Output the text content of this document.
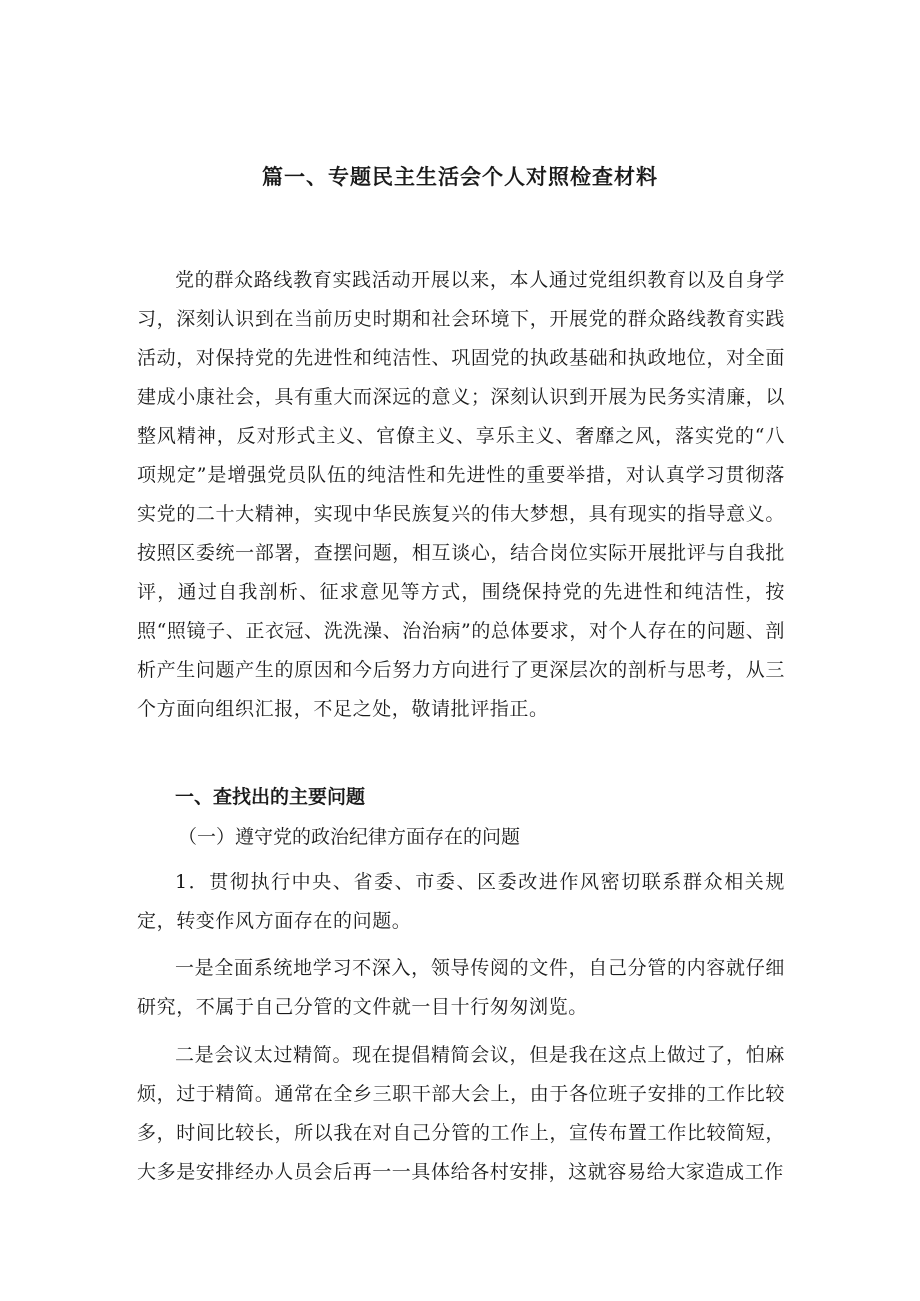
篇一、专题民主生活会个人对照检查材料

党的群众路线教育实践活动开展以来，本人通过党组织教育以及自身学习，深刻认识到在当前历史时期和社会环境下，开展党的群众路线教育实践活动，对保持党的先进性和纯洁性、巩固党的执政基础和执政地位，对全面建成小康社会，具有重大而深远的意义；深刻认识到开展为民务实清廉，以整风精神，反对形式主义、官僚主义、享乐主义、奢靡之风，落实党的“八项规定”是增强党员队伍的纯洁性和先进性的重要举措，对认真学习贯彻落实党的二十大精神，实现中华民族复兴的伟大梦想，具有现实的指导意义。按照区委统一部署，查摆问题，相互谈心，结合岗位实际开展批评与自我批评，通过自我剖析、征求意见等方式，围绕保持党的先进性和纯洁性，按照“照镜子、正衣冠、洗洗澡、治治病”的总体要求，对个人存在的问题、剖析产生问题产生的原因和今后努力方向进行了更深层次的剖析与思考，从三个方面向组织汇报，不足之处，敬请批评指正。

一、查找出的主要问题
（一）遵守党的政治纪律方面存在的问题

1．贯彻执行中央、省委、市委、区委改进作风密切联系群众相关规定，转变作风方面存在的问题。

一是全面系统地学习不深入，领导传阅的文件，自己分管的内容就仔细研究，不属于自己分管的文件就一目十行匆匆浏览。

二是会议太过精简。现在提倡精简会议，但是我在这点上做过了，怕麻烦，过于精简。通常在全乡三职干部大会上，由于各位班子安排的工作比较多，时间比较长，所以我在对自己分管的工作上，宣传布置工作比较简短，大多是安排经办人员会后再一一具体给各村安排，这就容易给大家造成工作
